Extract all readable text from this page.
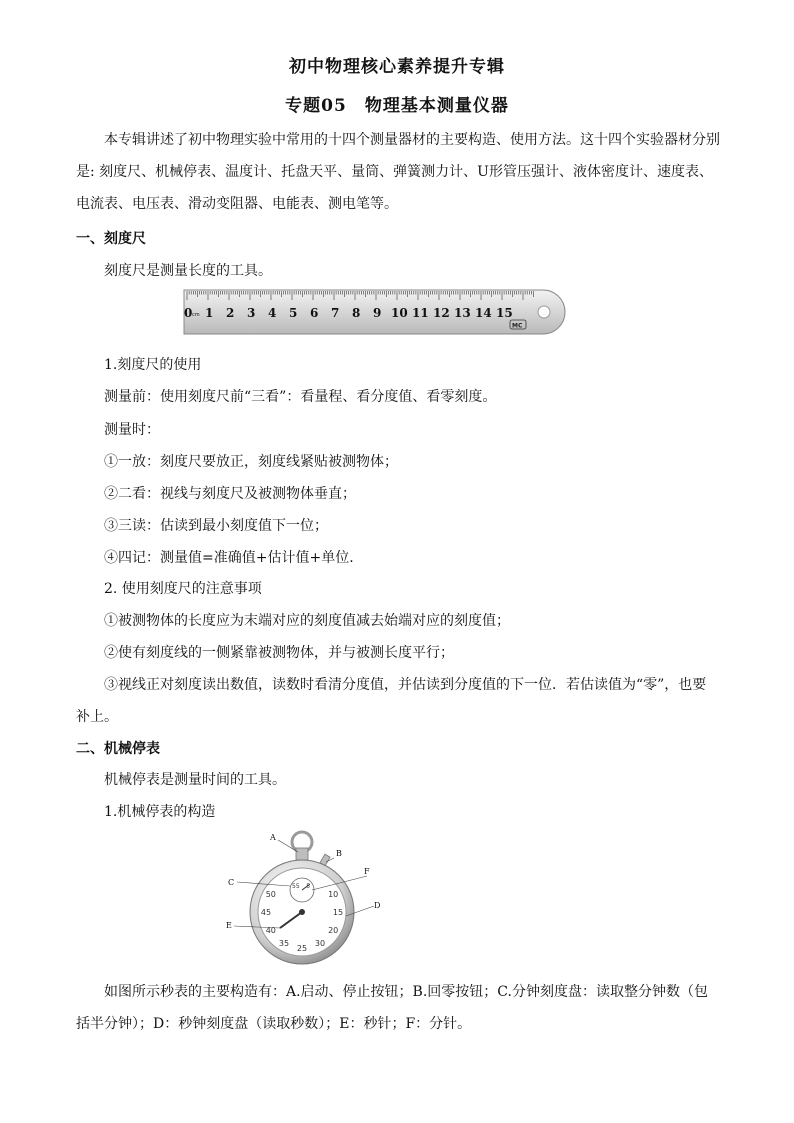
初中物理核心素养提升专辑
专题05　物理基本测量仪器
本专辑讲述了初中物理实验中常用的十四个测量器材的主要构造、使用方法。这十四个实验器材分别是: 刻度尺、机械停表、温度计、托盘天平、量筒、弹簧测力计、U形管压强计、液体密度计、速度表、电流表、电压表、滑动变阻器、电能表、测电笔等。
一、刻度尺
刻度尺是测量长度的工具。
0 1 2 3 4 5 6 7 8 9 10 11 12 13 14 15
cm
MC
1.刻度尺的使用
测量前：使用刻度尺前“三看”：看量程、看分度值、看零刻度。
测量时：
①一放：刻度尺要放正，刻度线紧贴被测物体；
②二看：视线与刻度尺及被测物体垂直；
③三读：估读到最小刻度值下一位；
④四记：测量值=准确值+估计值+单位.
2. 使用刻度尺的注意事项
①被测物体的长度应为末端对应的刻度值减去始端对应的刻度值；
②使有刻度线的一侧紧靠被测物体，并与被测长度平行；
③视线正对刻度读出数值，读数时看清分度值，并估读到分度值的下一位．若估读值为“零”，也要补上。
二、机械停表
机械停表是测量时间的工具。
1.机械停表的构造
55 5
50	10
45	15
40	20
35	30
25
A
B
C
D
E
F
如图所示秒表的主要构造有：A.启动、停止按钮；B.回零按钮；C.分钟刻度盘：读取整分钟数（包括半分钟）；D：秒钟刻度盘（读取秒数）；E：秒针；F：分针。
